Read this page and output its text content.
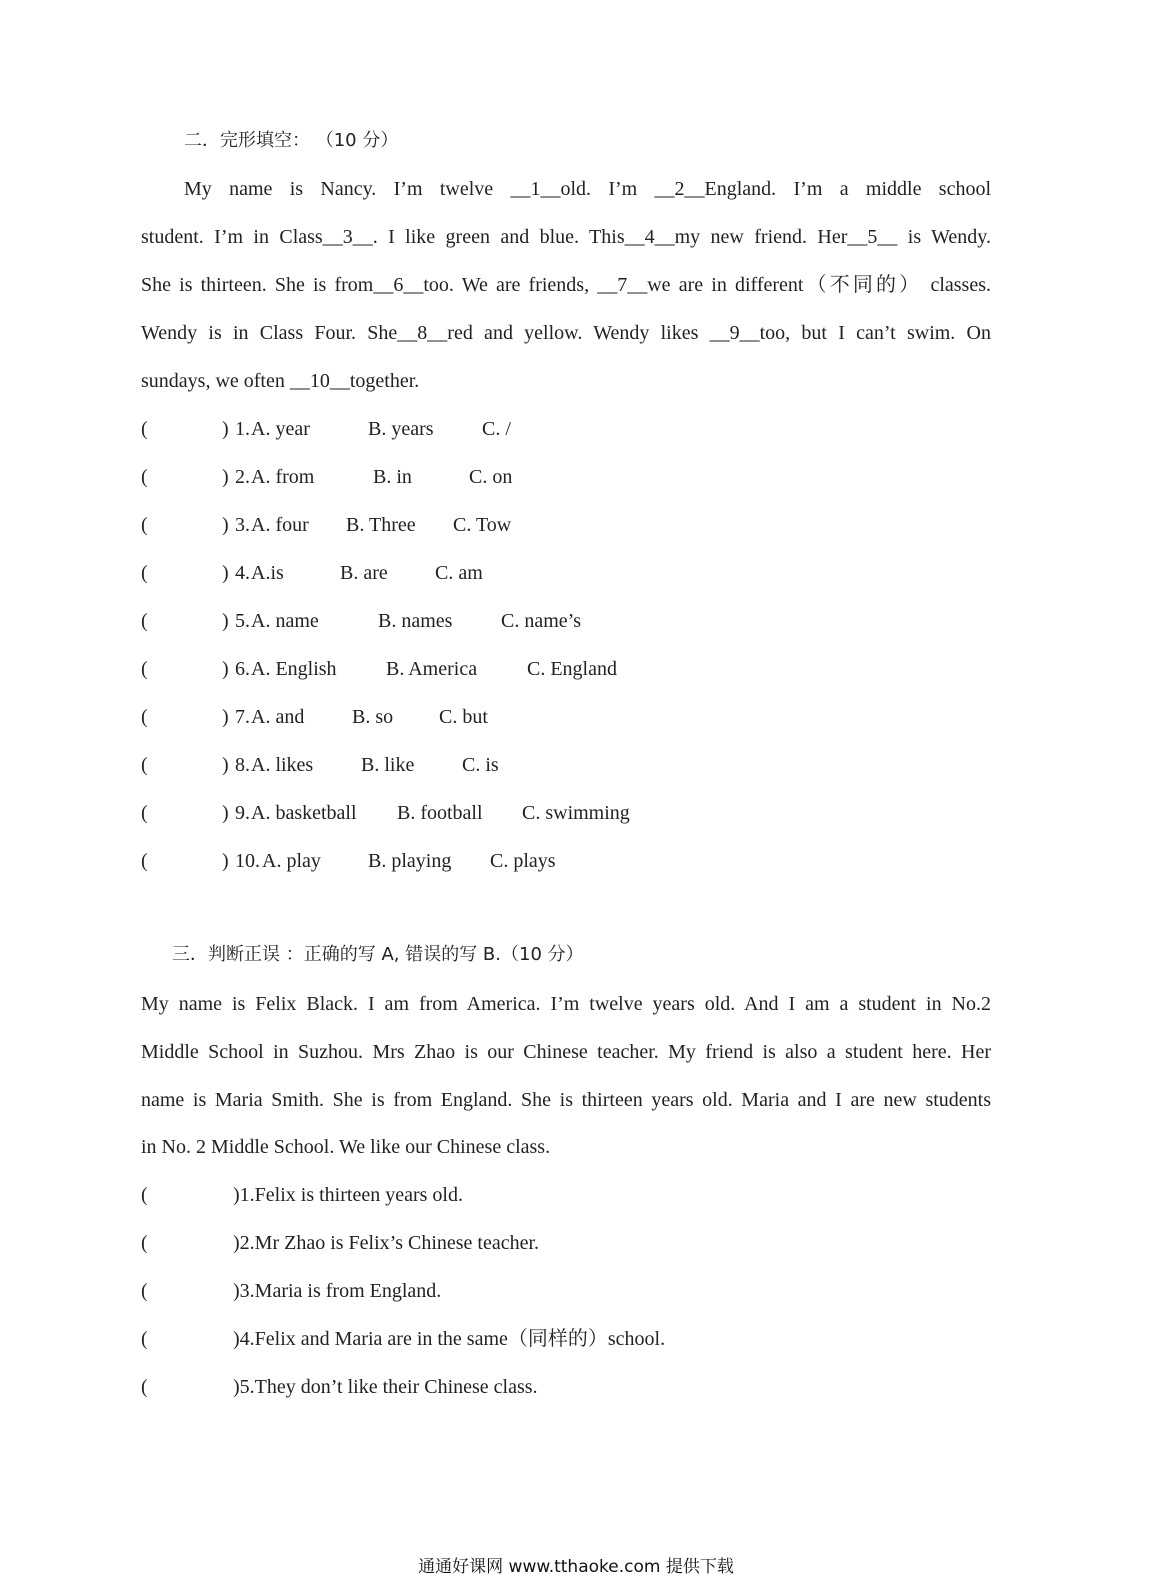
二．完形填空： （10 分）
My name is Nancy. I’m twelve __1__old. I’m __2__England. I’m a middle school
student. I’m in Class__3__. I like green and blue. This__4__my new friend. Her__5__ is Wendy.
She is thirteen. She is from__6__too. We are friends, __7__we are in different（不同的） classes.
Wendy is in Class Four. She__8__red and yellow. Wendy likes __9__too, but I can’t swim. On
sundays, we often __10__together.
(	) 1. A. year	B. years C. /
(	) 2. A. from	B. in	C. on
(	) 3. A. four B. Three C. Tow
(	) 4. A.is	B. are C. am
(	) 5. A. name	B. names C. name’s
(	) 6. A. English B. America C. England
(	) 7. A. and B. so C. but
(	) 8. A. likes B. like C. is
(	) 9. A. basketball B. football C. swimming
(	) 10. A. play B. playing C. plays
三．判断正误 ：正确的写 A, 错误的写 B.（10 分）
My name is Felix Black. I am from America. I’m twelve years old. And I am a student in No.2
Middle School in Suzhou. Mrs Zhao is our Chinese teacher. My friend is also a student here. Her
name is Maria Smith. She is from England. She is thirteen years old. Maria and I are new students
in No. 2 Middle School. We like our Chinese class.
(	)1.Felix is thirteen years old.
(	)2.Mr Zhao is Felix’s Chinese teacher.
(	)3.Maria is from England.
(	)4.Felix and Maria are in the same（同样的）school.
(	)5.They don’t like their Chinese class.
通通好课网 www.tthaoke.com 提供下载
